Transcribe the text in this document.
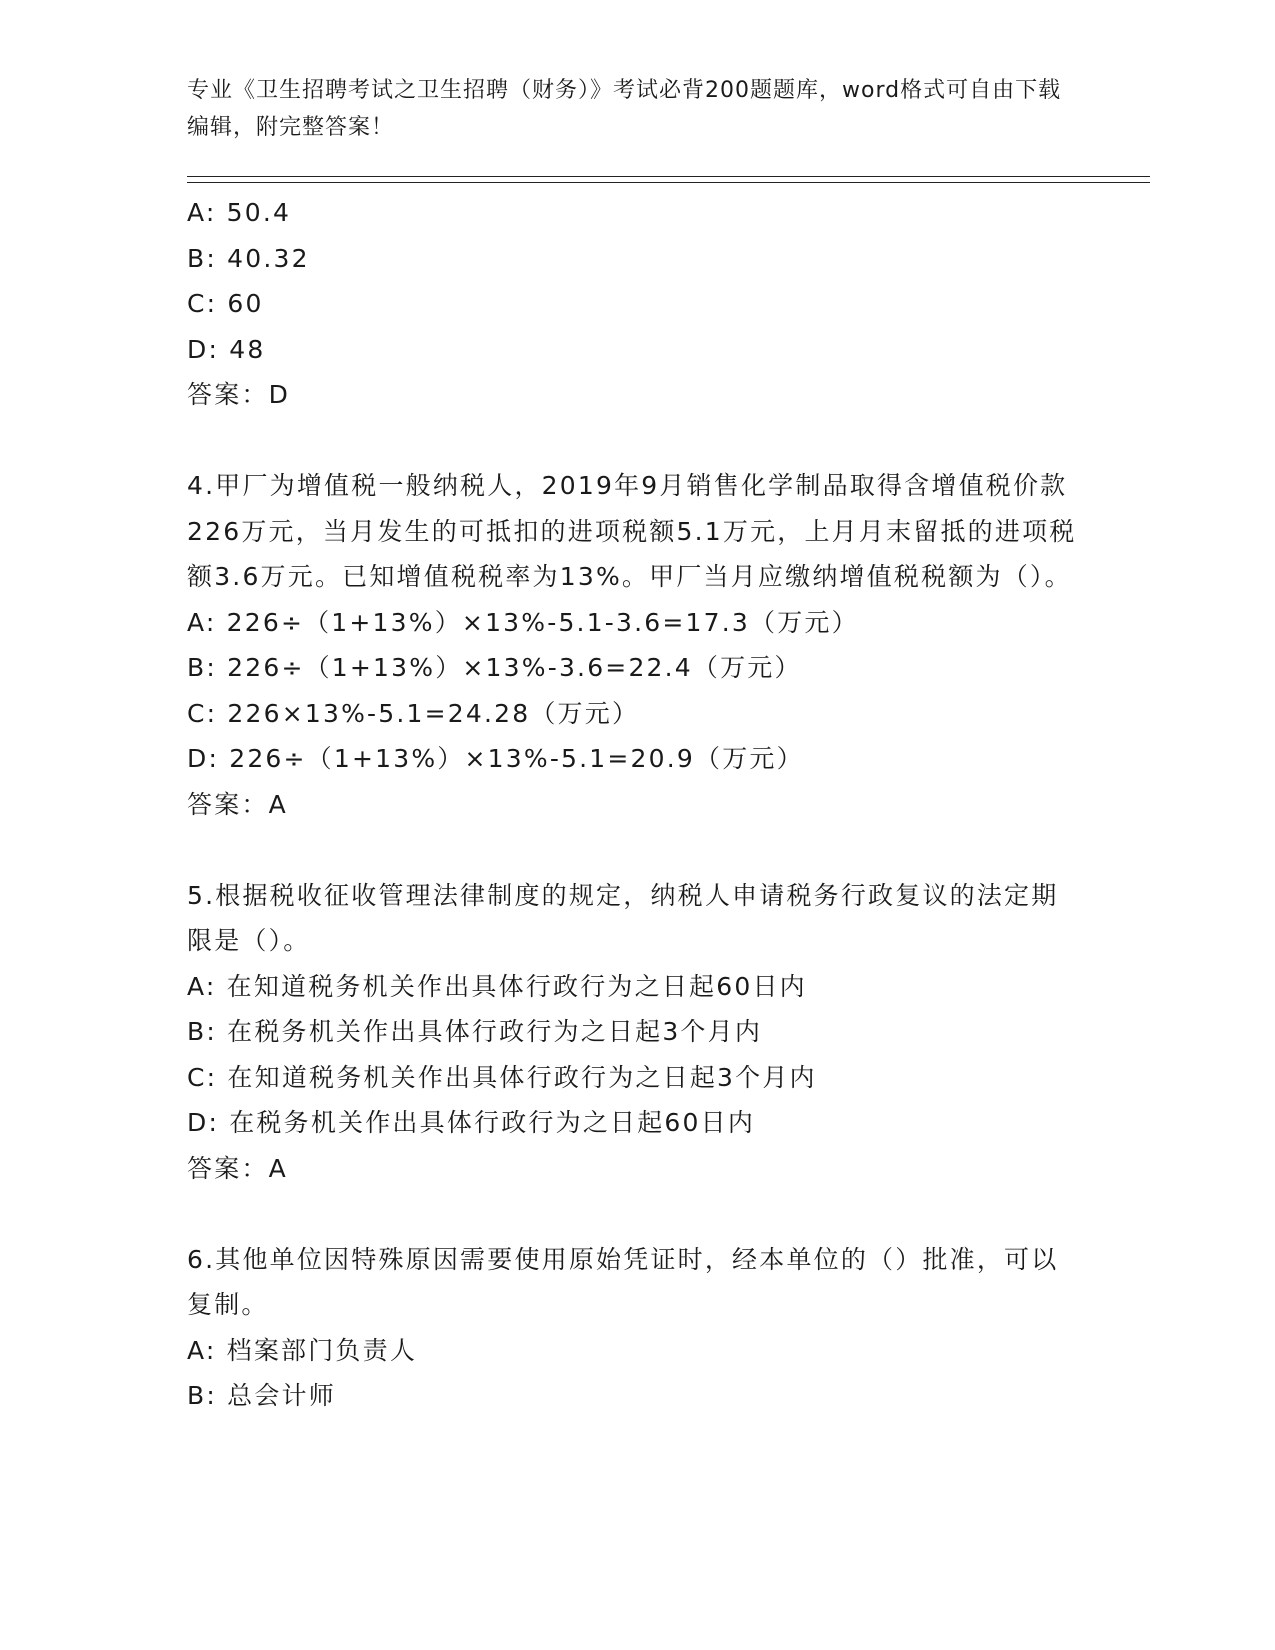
专业《卫生招聘考试之卫生招聘（财务）》考试必背200题题库，word格式可自由下载编辑，附完整答案！
A: 50.4
B: 40.32
C: 60
D: 48
答案：D
4.甲厂为增值税一般纳税人，2019年9月销售化学制品取得含增值税价款226万元，当月发生的可抵扣的进项税额5.1万元，上月月末留抵的进项税额3.6万元。已知增值税税率为13%。甲厂当月应缴纳增值税税额为（）。
A: 226÷（1+13%）×13%-5.1-3.6=17.3（万元）
B: 226÷（1+13%）×13%-3.6=22.4（万元）
C: 226×13%-5.1=24.28（万元）
D: 226÷（1+13%）×13%-5.1=20.9（万元）
答案：A
5.根据税收征收管理法律制度的规定，纳税人申请税务行政复议的法定期限是（）。
A: 在知道税务机关作出具体行政行为之日起60日内
B: 在税务机关作出具体行政行为之日起3个月内
C: 在知道税务机关作出具体行政行为之日起3个月内
D: 在税务机关作出具体行政行为之日起60日内
答案：A
6.其他单位因特殊原因需要使用原始凭证时，经本单位的（）批准，可以复制。
A: 档案部门负责人
B: 总会计师
